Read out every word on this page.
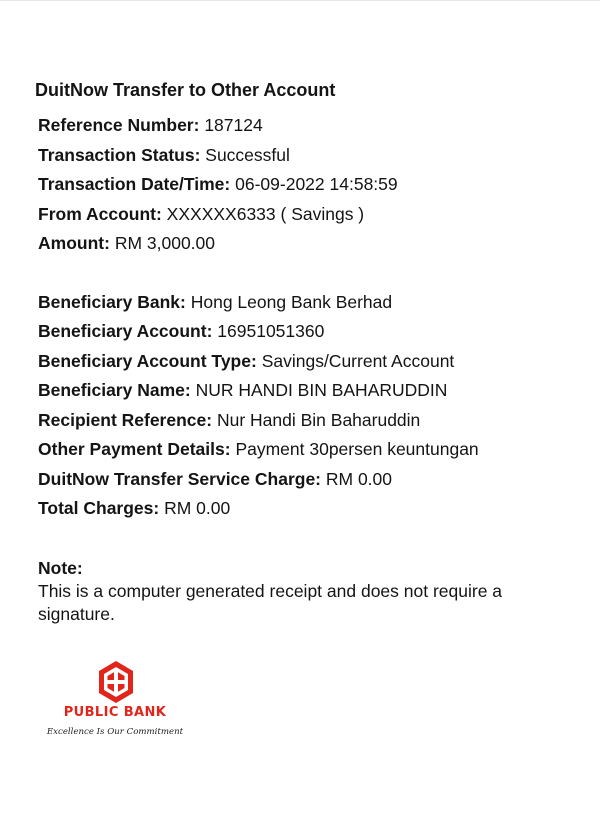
DuitNow Transfer to Other Account
Reference Number: 187124
Transaction Status: Successful
Transaction Date/Time: 06-09-2022 14:58:59
From Account: XXXXXX6333 ( Savings )
Amount: RM 3,000.00
Beneficiary Bank: Hong Leong Bank Berhad
Beneficiary Account: 16951051360
Beneficiary Account Type: Savings/Current Account
Beneficiary Name: NUR HANDI BIN BAHARUDDIN
Recipient Reference: Nur Handi Bin Baharuddin
Other Payment Details: Payment 30persen keuntungan
DuitNow Transfer Service Charge: RM 0.00
Total Charges: RM 0.00
Note:
This is a computer generated receipt and does not require a signature.
PUBLIC BANK
Excellence Is Our Commitment
